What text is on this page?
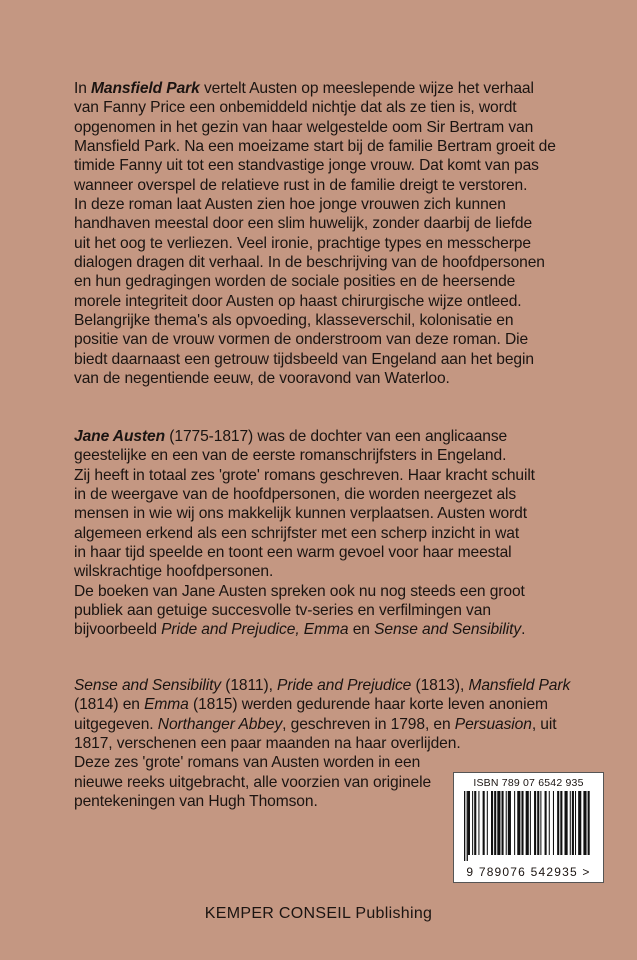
In Mansfield Park vertelt Austen op meeslepende wijze het verhaal
van Fanny Price een onbemiddeld nichtje dat als ze tien is, wordt
opgenomen in het gezin van haar welgestelde oom Sir Bertram van
Mansfield Park. Na een moeizame start bij de familie Bertram groeit de
timide Fanny uit tot een standvastige jonge vrouw. Dat komt van pas
wanneer overspel de relatieve rust in de familie dreigt te verstoren.
In deze roman laat Austen zien hoe jonge vrouwen zich kunnen
handhaven meestal door een slim huwelijk, zonder daarbij de liefde
uit het oog te verliezen. Veel ironie, prachtige types en messcherpe
dialogen dragen dit verhaal. In de beschrijving van de hoofdpersonen
en hun gedragingen worden de sociale posities en de heersende
morele integriteit door Austen op haast chirurgische wijze ontleed.
Belangrijke thema's als opvoeding, klasseverschil, kolonisatie en
positie van de vrouw vormen de onderstroom van deze roman. Die
biedt daarnaast een getrouw tijdsbeeld van Engeland aan het begin
van de negentiende eeuw, de vooravond van Waterloo.
Jane Austen (1775-1817) was de dochter van een anglicaanse
geestelijke en een van de eerste romanschrijfsters in Engeland.
Zij heeft in totaal zes 'grote' romans geschreven. Haar kracht schuilt
in de weergave van de hoofdpersonen, die worden neergezet als
mensen in wie wij ons makkelijk kunnen verplaatsen. Austen wordt
algemeen erkend als een schrijfster met een scherp inzicht in wat
in haar tijd speelde en toont een warm gevoel voor haar meestal
wilskrachtige hoofdpersonen.
De boeken van Jane Austen spreken ook nu nog steeds een groot
publiek aan getuige succesvolle tv-series en verfilmingen van
bijvoorbeeld Pride and Prejudice, Emma en Sense and Sensibility.
Sense and Sensibility (1811), Pride and Prejudice (1813), Mansfield Park
(1814) en Emma (1815) werden gedurende haar korte leven anoniem
uitgegeven. Northanger Abbey, geschreven in 1798, en Persuasion, uit
1817, verschenen een paar maanden na haar overlijden.
Deze zes 'grote' romans van Austen worden in een
nieuwe reeks uitgebracht, alle voorzien van originele
pentekeningen van Hugh Thomson.
ISBN 789 07 6542 935
9 789076 542935 >
KEMPER CONSEIL Publishing
